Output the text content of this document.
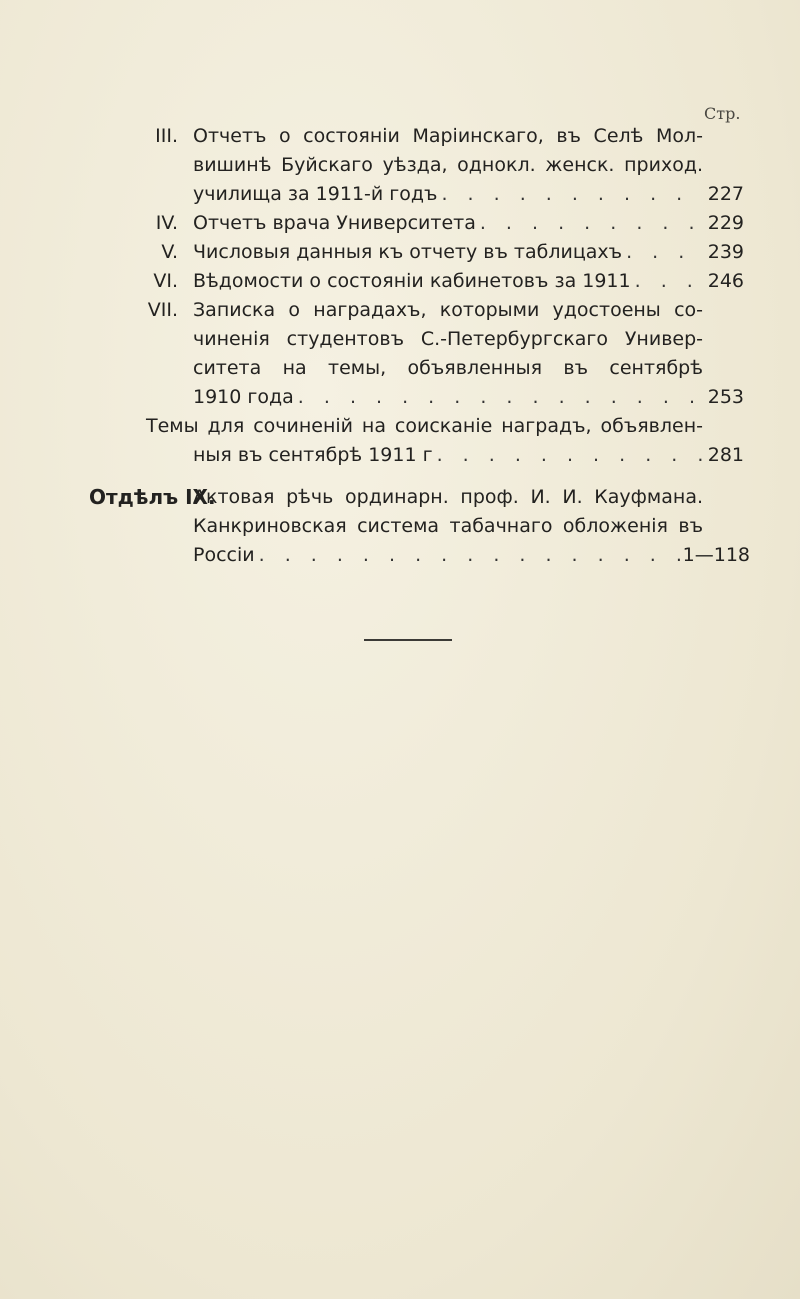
Стр.
III. Отчетъ о состояніи Маріинскаго, въ Селѣ Мол-
вишинѣ Буйскаго уѣзда, однокл. женск. приход.
училища за 1911-й годъ . . .	227
IV. Отчетъ врача Университета . . .	229
V. Числовыя данныя къ отчету въ таблицахъ . . .	239
VI. Вѣдомости о состояніи кабинетовъ за 1911 . . .	246
VII. Записка о наградахъ, которыми удостоены со-
чиненія студентовъ С.-Петербургскаго Универ-
ситета на темы, объявленныя въ сентябрѣ
1910 года . . .	253
Темы для сочиненій на соисканіе наградъ, объявлен-
ныя въ сентябрѣ 1911 г . . .	281
Отдѣлъ IX.
Актовая рѣчь ординарн. проф. И. И. Кауфмана.
Канкриновская система табачнаго обложенія въ
Россіи . . .	1—118
